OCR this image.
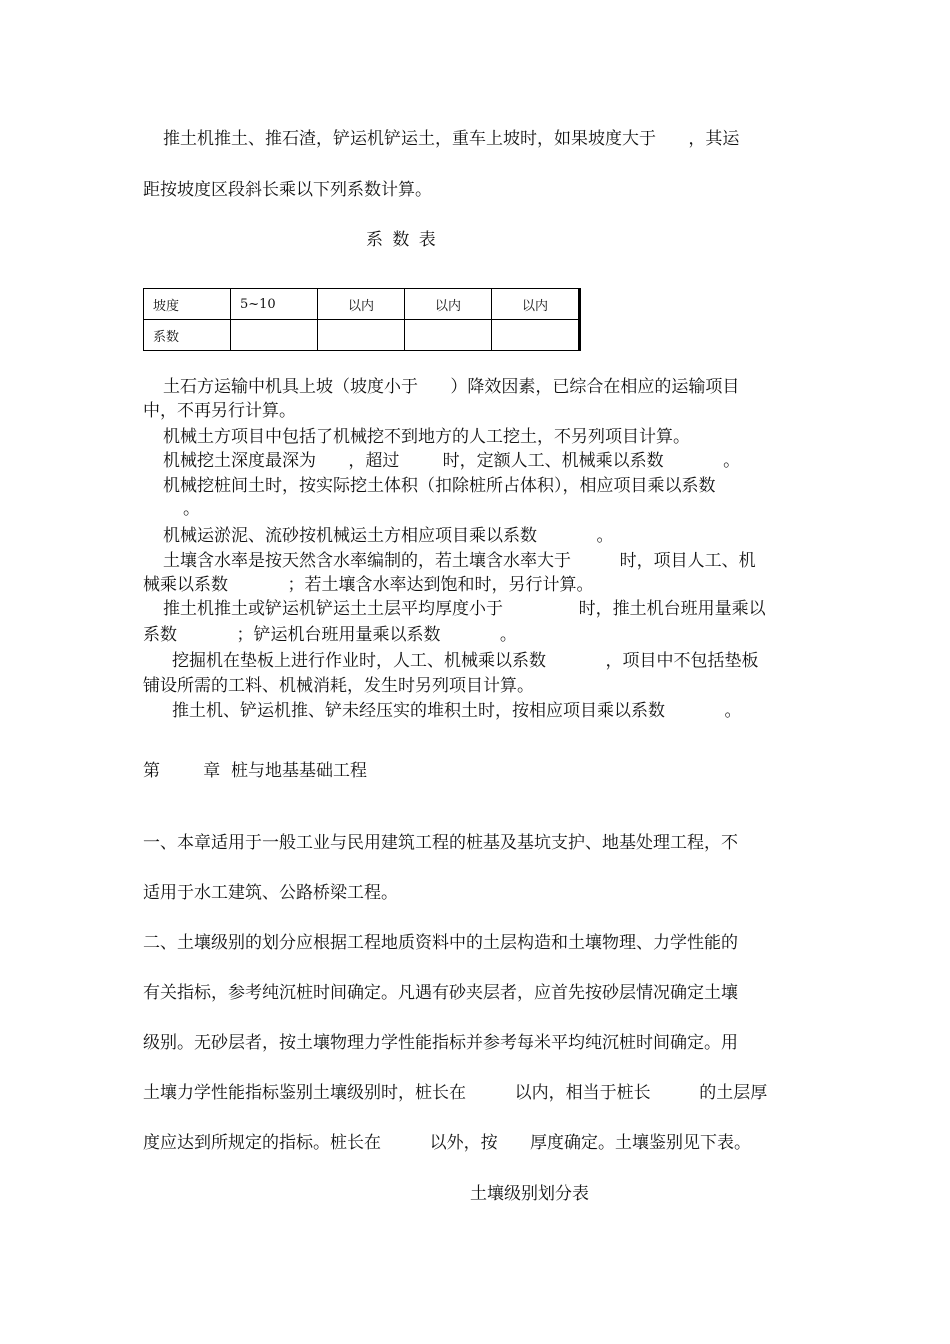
推土机推土、推石渣，铲运机铲运土，重车上坡时，如果坡度大于      ，其运
距按坡度区段斜长乘以下列系数计算。
系 数 表
坡度	5~10	以内	以内	以内
系数				
土石方运输中机具上坡（坡度小于      ）降效因素，已综合在相应的运输项目
中，不再另行计算。
机械土方项目中包括了机械挖不到地方的人工挖土，不另列项目计算。
机械挖土深度最深为      ，超过        时，定额人工、机械乘以系数           。
机械挖桩间土时，按实际挖土体积（扣除桩所占体积），相应项目乘以系数
。
机械运淤泥、流砂按机械运土方相应项目乘以系数           。
土壤含水率是按天然含水率编制的，若土壤含水率大于         时，项目人工、机
械乘以系数           ；若土壤含水率达到饱和时，另行计算。
推土机推土或铲运机铲运土土层平均厚度小于              时，推土机台班用量乘以
系数           ；铲运机台班用量乘以系数           。
挖掘机在垫板上进行作业时，人工、机械乘以系数           ，项目中不包括垫板
铺设所需的工料、机械消耗，发生时另列项目计算。
推土机、铲运机推、铲未经压实的堆积土时，按相应项目乘以系数           。
第        章  桩与地基基础工程
一、本章适用于一般工业与民用建筑工程的桩基及基坑支护、地基处理工程，不
适用于水工建筑、公路桥梁工程。
二、土壤级别的划分应根据工程地质资料中的土层构造和土壤物理、力学性能的
有关指标，参考纯沉桩时间确定。凡遇有砂夹层者，应首先按砂层情况确定土壤
级别。无砂层者，按土壤物理力学性能指标并参考每米平均纯沉桩时间确定。用
土壤力学性能指标鉴别土壤级别时，桩长在         以内，相当于桩长         的土层厚
度应达到所规定的指标。桩长在         以外，按      厚度确定。土壤鉴别见下表。
土壤级别划分表
